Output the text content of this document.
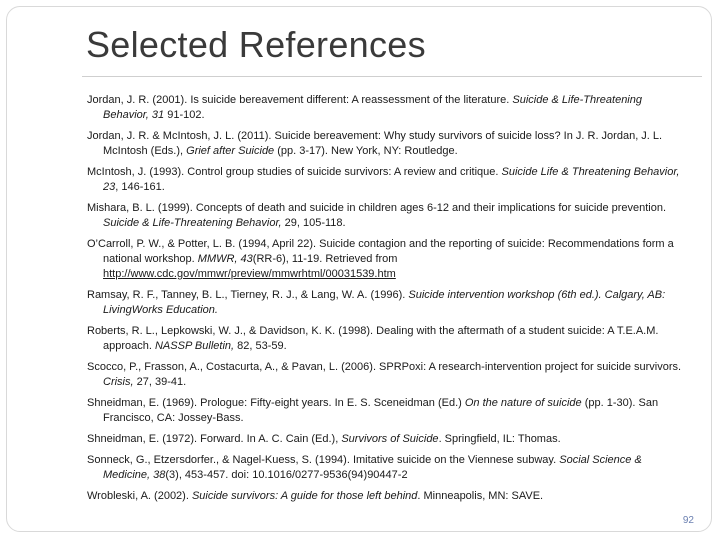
Selected References

Jordan, J. R. (2001). Is suicide bereavement different: A reassessment of the literature. Suicide & Life-Threatening Behavior, 31 91-102.

Jordan, J. R. & McIntosh, J. L. (2011). Suicide bereavement: Why study survivors of suicide loss? In J. R. Jordan, J. L. McIntosh (Eds.), Grief after Suicide (pp. 3-17). New York, NY: Routledge.

McIntosh, J. (1993). Control group studies of suicide survivors: A review and critique. Suicide Life & Threatening Behavior, 23, 146-161.

Mishara, B. L. (1999). Concepts of death and suicide in children ages 6-12 and their implications for suicide prevention. Suicide & Life-Threatening Behavior, 29, 105-118.

O’Carroll, P. W., & Potter, L. B. (1994, April 22). Suicide contagion and the reporting of suicide: Recommendations form a national workshop. MMWR, 43(RR-6), 11-19. Retrieved from http://www.cdc.gov/mmwr/preview/mmwrhtml/00031539.htm

Ramsay, R. F., Tanney, B. L., Tierney, R. J., & Lang, W. A. (1996). Suicide intervention workshop (6th ed.). Calgary, AB: LivingWorks Education.

Roberts, R. L., Lepkowski, W. J., & Davidson, K. K. (1998). Dealing with the aftermath of a student suicide: A T.E.A.M. approach. NASSP Bulletin, 82, 53-59.

Scocco, P., Frasson, A., Costacurta, A., & Pavan, L. (2006). SPRPoxi: A research-intervention project for suicide survivors. Crisis, 27, 39-41.

Shneidman, E. (1969). Prologue: Fifty-eight years. In E. S. Sceneidman (Ed.) On the nature of suicide (pp. 1-30). San Francisco, CA: Jossey-Bass.

Shneidman, E. (1972). Forward. In A. C. Cain (Ed.), Survivors of Suicide. Springfield, IL: Thomas.

Sonneck, G., Etzersdorfer., & Nagel-Kuess, S. (1994). Imitative suicide on the Viennese subway. Social Science & Medicine, 38(3), 453-457. doi: 10.1016/0277-9536(94)90447-2

Wrobleski, A. (2002). Suicide survivors: A guide for those left behind. Minneapolis, MN: SAVE.

92
